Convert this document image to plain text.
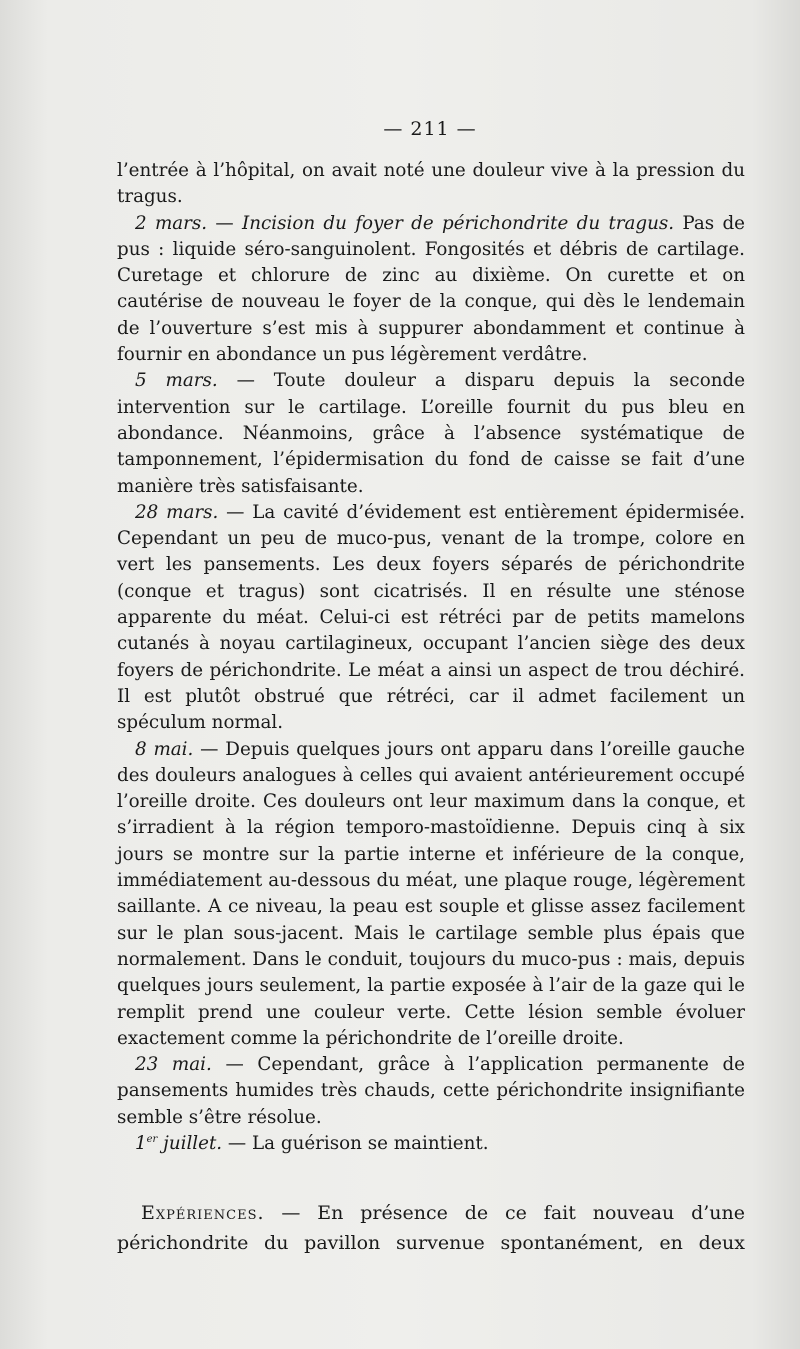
— 211 —

l’entrée à l’hôpital, on avait noté une douleur vive à la pression du tragus.

2 mars. — Incision du foyer de périchondrite du tragus. Pas de pus : liquide séro-sanguinolent. Fongosités et débris de cartilage. Curetage et chlorure de zinc au dixième. On curette et on cautérise de nouveau le foyer de la conque, qui dès le lendemain de l’ouverture s’est mis à suppurer abondamment et continue à fournir en abondance un pus légèrement verdâtre.

5 mars. — Toute douleur a disparu depuis la seconde intervention sur le cartilage. L’oreille fournit du pus bleu en abondance. Néanmoins, grâce à l’absence systématique de tamponnement, l’épidermisation du fond de caisse se fait d’une manière très satisfaisante.

28 mars. — La cavité d’évidement est entièrement épidermisée. Cependant un peu de muco-pus, venant de la trompe, colore en vert les pansements. Les deux foyers séparés de périchondrite (conque et tragus) sont cicatrisés. Il en résulte une sténose apparente du méat. Celui-ci est rétréci par de petits mamelons cutanés à noyau cartilagineux, occupant l’ancien siège des deux foyers de périchondrite. Le méat a ainsi un aspect de trou déchiré. Il est plutôt obstrué que rétréci, car il admet facilement un spéculum normal.

8 mai. — Depuis quelques jours ont apparu dans l’oreille gauche des douleurs analogues à celles qui avaient antérieurement occupé l’oreille droite. Ces douleurs ont leur maximum dans la conque, et s’irradient à la région temporo-mastoïdienne. Depuis cinq à six jours se montre sur la partie interne et inférieure de la conque, immédiatement au-dessous du méat, une plaque rouge, légèrement saillante. A ce niveau, la peau est souple et glisse assez facilement sur le plan sous-jacent. Mais le cartilage semble plus épais que normalement. Dans le conduit, toujours du muco-pus : mais, depuis quelques jours seulement, la partie exposée à l’air de la gaze qui le remplit prend une couleur verte. Cette lésion semble évoluer exactement comme la périchondrite de l’oreille droite.

23 mai. — Cependant, grâce à l’application permanente de pansements humides très chauds, cette périchondrite insignifiante semble s’être résolue.

1er juillet. — La guérison se maintient.

Expériences. — En présence de ce fait nouveau d’une périchondrite du pavillon survenue spontanément, en deux
